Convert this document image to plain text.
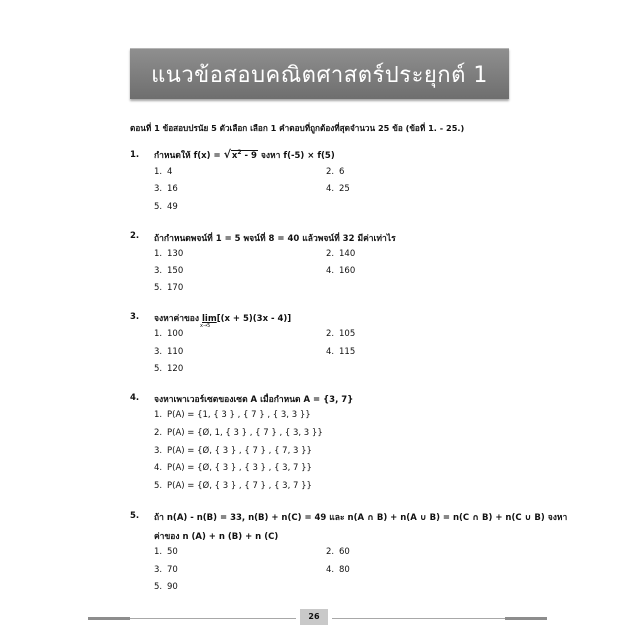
แนวข้อสอบคณิตศาสตร์ประยุกต์ 1
ตอนที่ 1 ข้อสอบปรนัย 5 ตัวเลือก เลือก 1 คำตอบที่ถูกต้องที่สุดจำนวน 25 ข้อ (ข้อที่ 1. - 25.)
1. กำหนดให้ $f(x) = √x^2 - 9$ จงหา f(-5) × f(5)
1. 4	2. 6
3. 16	4. 25
5. 49
2. ถ้ากำหนดพจน์ที่ 1 = 5 พจน์ที่ 8 = 40 แล้วพจน์ที่ 32 มีค่าเท่าไร
1. 130	2. 140
3. 150	4. 160
5. 170
3. จงหาค่าของ lim
x→5
[(x + 5)(3x - 4)]
1. 100	2. 105
3. 110	4. 115
5. 120
4. จงหาเพาเวอร์เซตของเซต A เมื่อกำหนด A = {3, 7}
1. P(A) = {1, { 3 } , { 7 } , { 3, 3 }}
2. P(A) = {Ø, 1, { 3 } , { 7 } , { 3, 3 }}
3. P(A) = {Ø, { 3 } , { 7 } , { 7, 3 }}
4. P(A) = {Ø, { 3 } , { 3 } , { 3, 7 }}
5. P(A) = {Ø, { 3 } , { 7 } , { 3, 7 }}
5. ถ้า n(A) - n(B) = 33, n(B) + n(C) = 49 และ n(A ∩ B) + n(A ∪ B) = n(C ∩ B) + n(C ∪ B) จงหา
ค่าของ n (A) + n (B) + n (C)
1. 50	2. 60
3. 70	4. 80
5. 90
26
